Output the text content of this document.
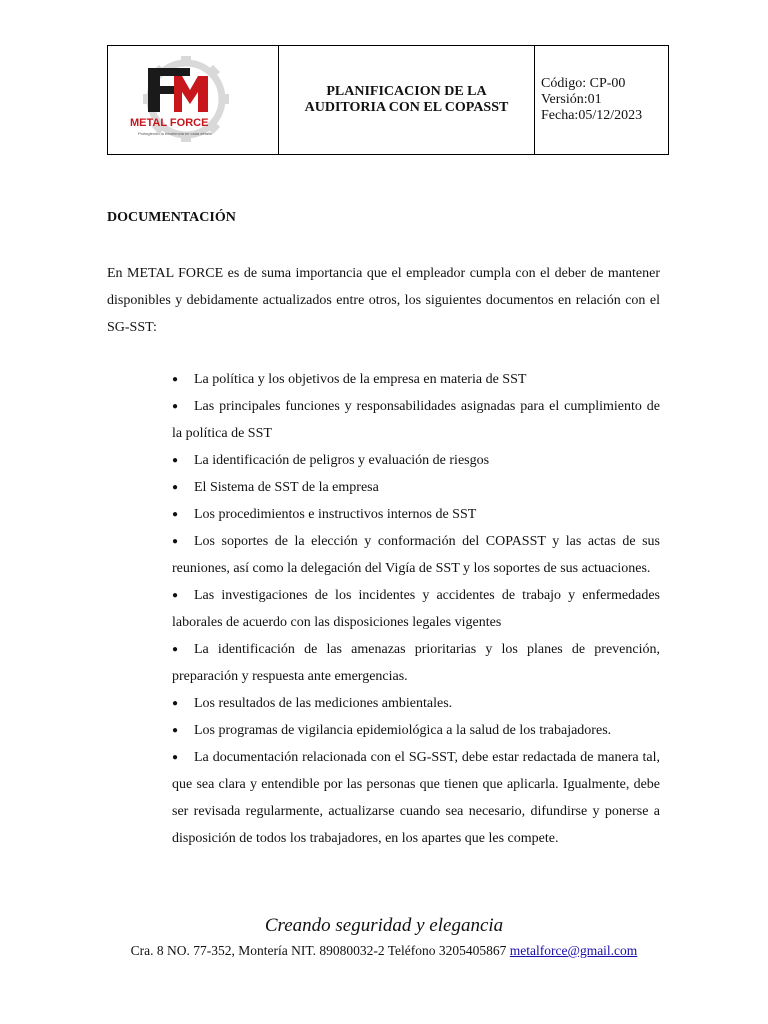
METAL FORCE
Protegiendo la excelencia en cada detalle
PLANIFICACION DE LA AUDITORIA CON EL COPASST
Código: CP-00
Versión:01
Fecha:05/12/2023
DOCUMENTACIÓN
En METAL FORCE es de suma importancia que el empleador cumpla con el deber de mantener disponibles y debidamente actualizados entre otros, los siguientes documentos en relación con el SG-SST:
● La política y los objetivos de la empresa en materia de SST
● Las principales funciones y responsabilidades asignadas para el cumplimiento de la política de SST
● La identificación de peligros y evaluación de riesgos
● El Sistema de SST de la empresa
● Los procedimientos e instructivos internos de SST
● Los soportes de la elección y conformación del COPASST y las actas de sus reuniones, así como la delegación del Vigía de SST y los soportes de sus actuaciones.
● Las investigaciones de los incidentes y accidentes de trabajo y enfermedades laborales de acuerdo con las disposiciones legales vigentes
● La identificación de las amenazas prioritarias y los planes de prevención, preparación y respuesta ante emergencias.
● Los resultados de las mediciones ambientales.
● Los programas de vigilancia epidemiológica a la salud de los trabajadores.
● La documentación relacionada con el SG-SST, debe estar redactada de manera tal, que sea clara y entendible por las personas que tienen que aplicarla. Igualmente, debe ser revisada regularmente, actualizarse cuando sea necesario, difundirse y ponerse a disposición de todos los trabajadores, en los apartes que les compete.
Creando seguridad y elegancia
Cra. 8 NO. 77-352, Montería NIT. 89080032-2 Teléfono 3205405867 metalforce@gmail.com
